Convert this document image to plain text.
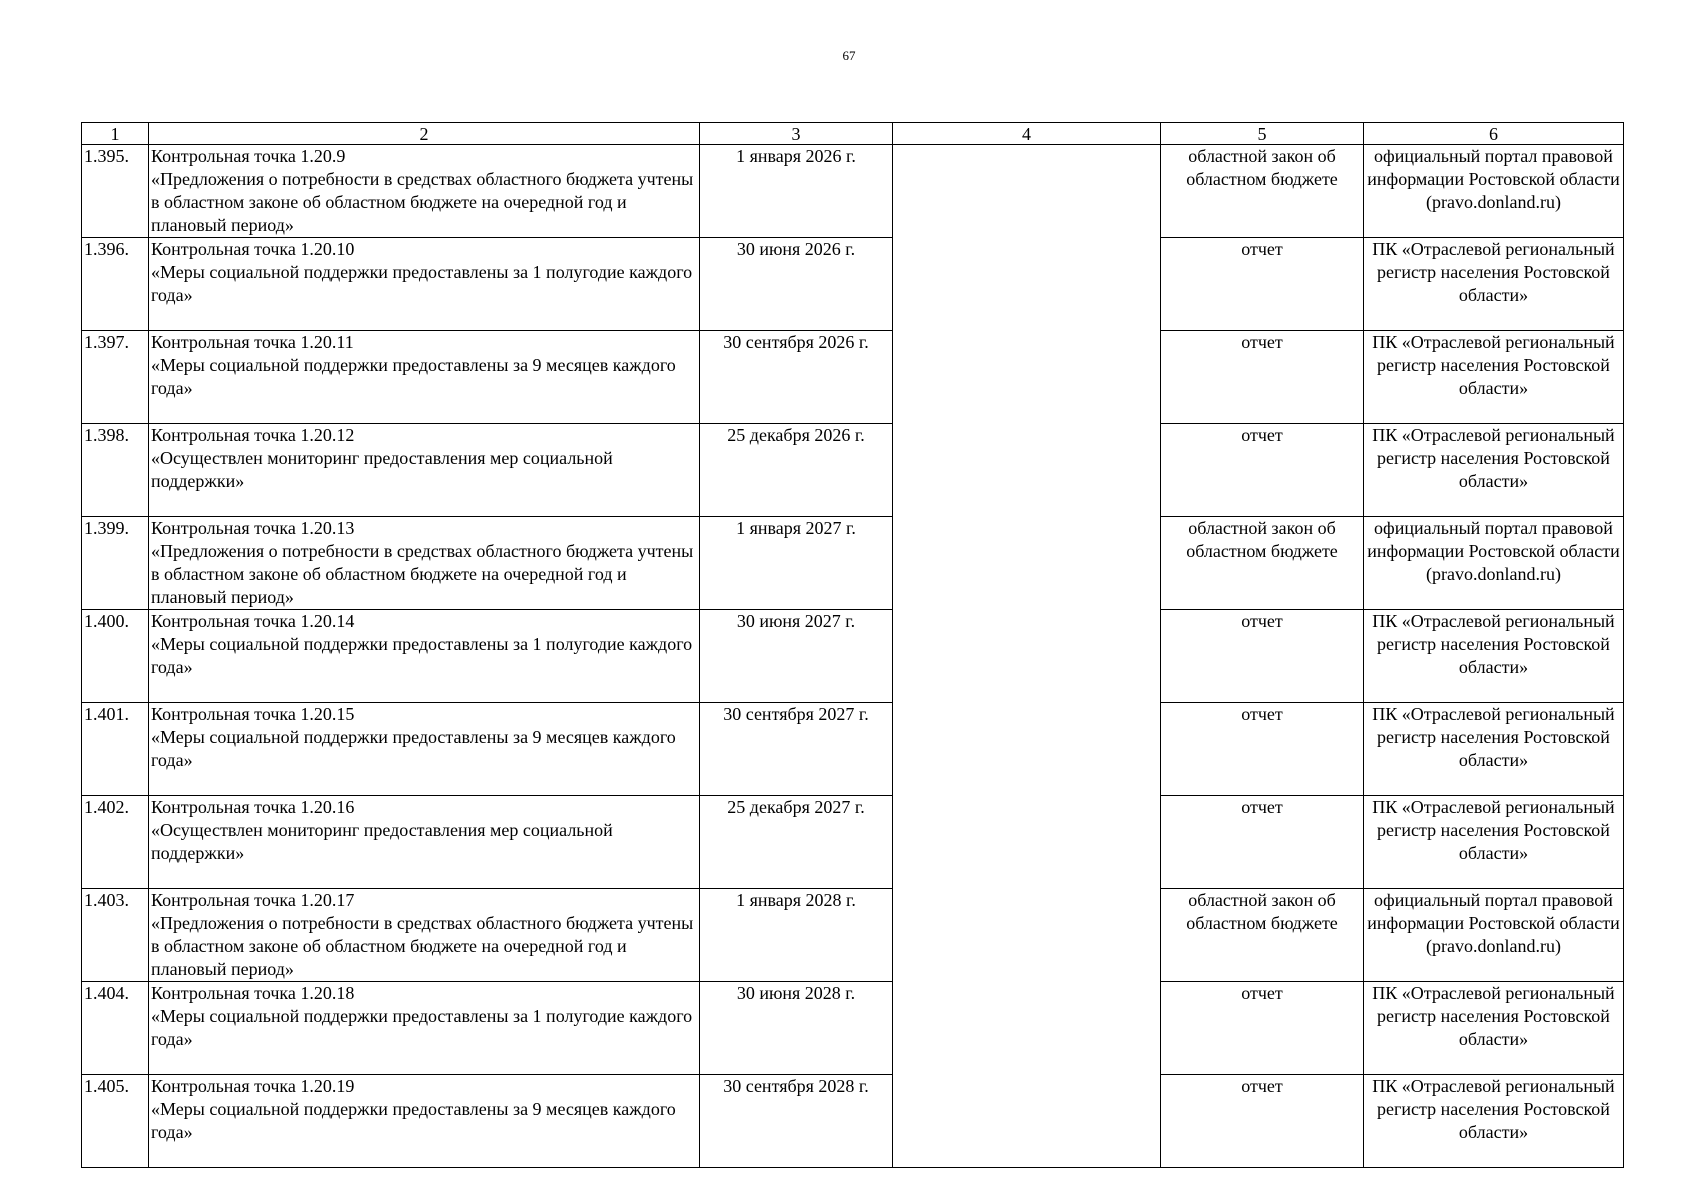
67
1	2	3	4	5	6

1.395.	Контрольная точка 1.20.9
«Предложения о потребности в средствах областного бюджета учтены в областном законе об областном бюджете на очередной год и плановый период»	1 января 2026 г.		областной закон об областном бюджете	официальный портал правовой информации Ростовской области (pravo.donland.ru)

1.396.	Контрольная точка 1.20.10
«Меры социальной поддержки предоставлены за 1 полугодие каждого года»	30 июня 2026 г.		отчет	ПК «Отраслевой региональный регистр населения Ростовской области»

1.397.	Контрольная точка 1.20.11
«Меры социальной поддержки предоставлены за 9 месяцев каждого года»	30 сентября 2026 г.		отчет	ПК «Отраслевой региональный регистр населения Ростовской области»

1.398.	Контрольная точка 1.20.12
«Осуществлен мониторинг предоставления мер социальной поддержки»	25 декабря 2026 г.		отчет	ПК «Отраслевой региональный регистр населения Ростовской области»

1.399.	Контрольная точка 1.20.13
«Предложения о потребности в средствах областного бюджета учтены в областном законе об областном бюджете на очередной год и плановый период»	1 января 2027 г.		областной закон об областном бюджете	официальный портал правовой информации Ростовской области (pravo.donland.ru)

1.400.	Контрольная точка 1.20.14
«Меры социальной поддержки предоставлены за 1 полугодие каждого года»	30 июня 2027 г.		отчет	ПК «Отраслевой региональный регистр населения Ростовской области»

1.401.	Контрольная точка 1.20.15
«Меры социальной поддержки предоставлены за 9 месяцев каждого года»	30 сентября 2027 г.		отчет	ПК «Отраслевой региональный регистр населения Ростовской области»

1.402.	Контрольная точка 1.20.16
«Осуществлен мониторинг предоставления мер социальной поддержки»	25 декабря 2027 г.		отчет	ПК «Отраслевой региональный регистр населения Ростовской области»

1.403.	Контрольная точка 1.20.17
«Предложения о потребности в средствах областного бюджета учтены в областном законе об областном бюджете на очередной год и плановый период»	1 января 2028 г.		областной закон об областном бюджете	официальный портал правовой информации Ростовской области (pravo.donland.ru)

1.404.	Контрольная точка 1.20.18
«Меры социальной поддержки предоставлены за 1 полугодие каждого года»	30 июня 2028 г.		отчет	ПК «Отраслевой региональный регистр населения Ростовской области»

1.405.	Контрольная точка 1.20.19
«Меры социальной поддержки предоставлены за 9 месяцев каждого года»	30 сентября 2028 г.		отчет	ПК «Отраслевой региональный регистр населения Ростовской области»
